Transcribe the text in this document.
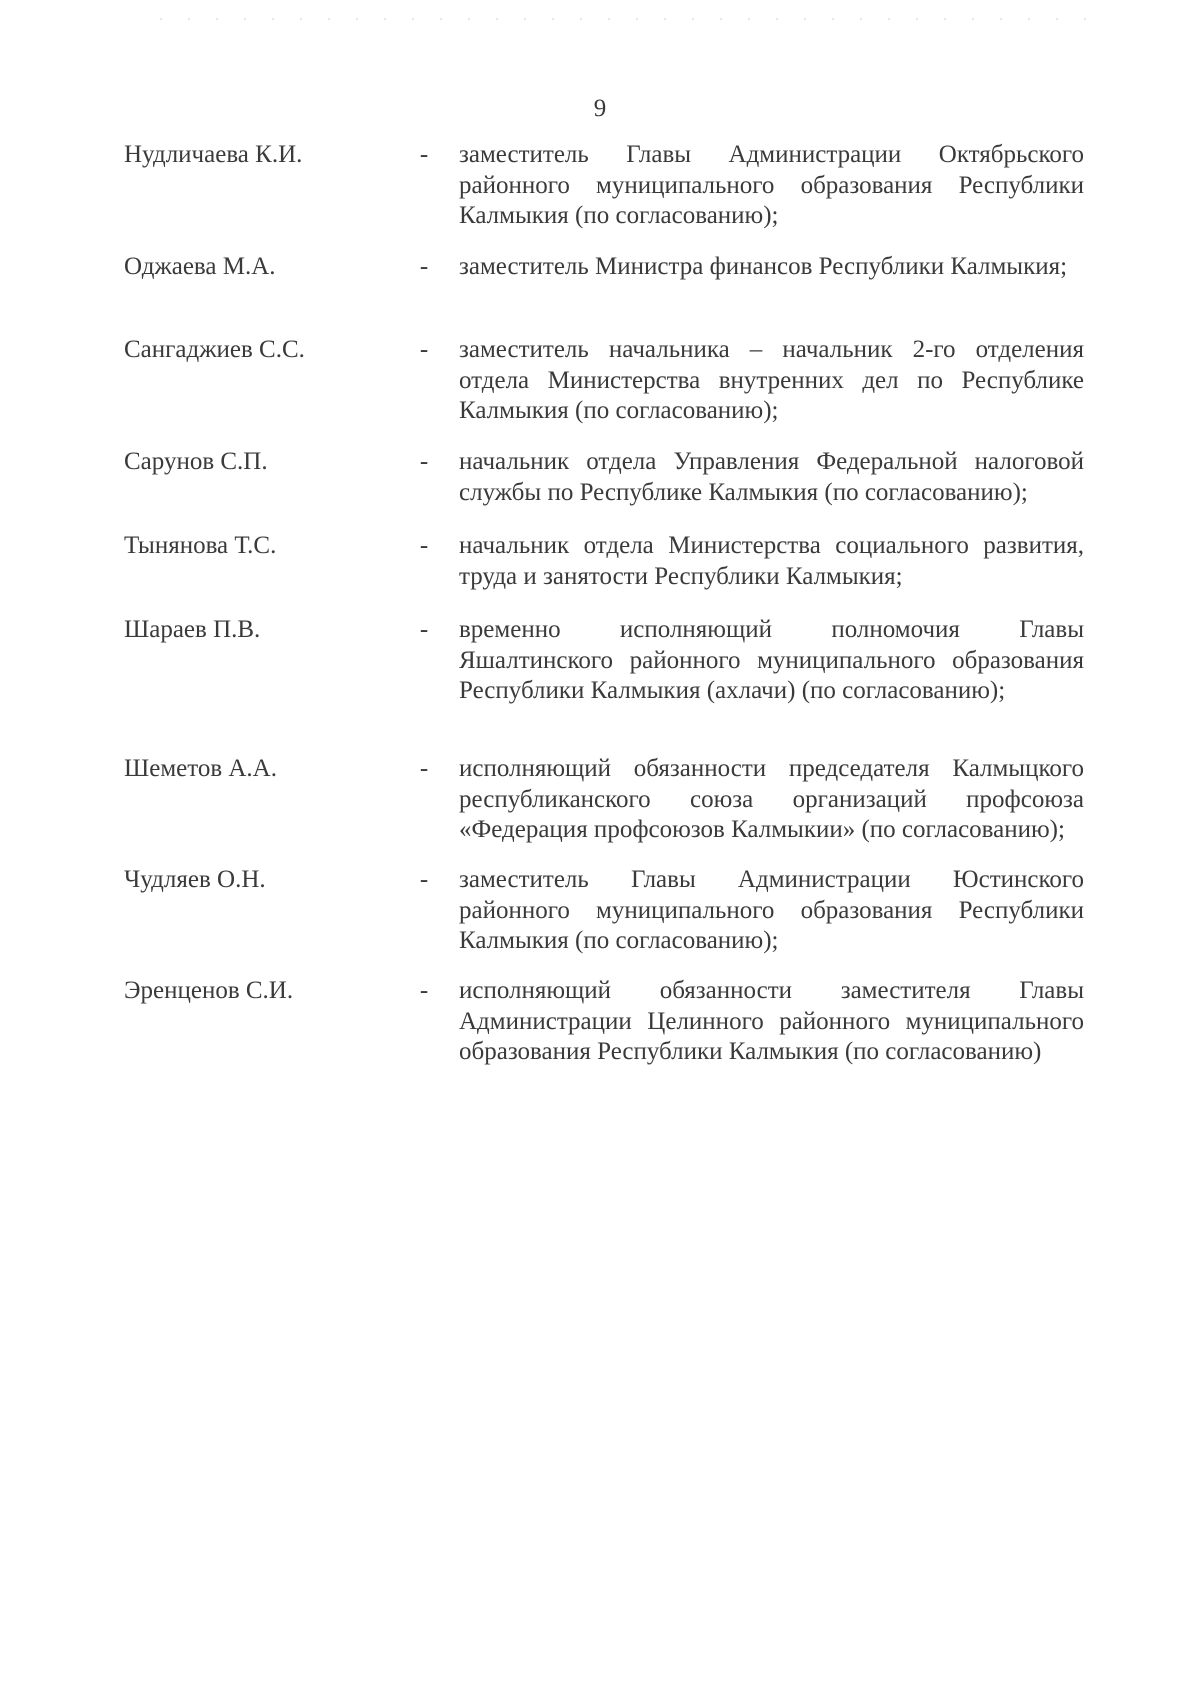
9
Нудличаева К.И.	- заместитель Главы Администрации Октябрьского районного муниципального образования Республики Калмыкия (по согласованию);
Оджаева М.А.	- заместитель Министра финансов Республики Калмыкия;
Сангаджиев С.С.	- заместитель начальника – начальник 2-го отделения отдела Министерства внутренних дел по Республике Калмыкия (по согласованию);
Сарунов С.П.	- начальник отдела Управления Федеральной налоговой службы по Республике Калмыкия (по согласованию);
Тынянова Т.С.	- начальник отдела Министерства социального развития, труда и занятости Республики Калмыкия;
Шараев П.В.	- временно исполняющий полномочия Главы Яшалтинского районного муниципального образования Республики Калмыкия (ахлачи) (по согласованию);
Шеметов А.А.	- исполняющий обязанности председателя Калмыцкого республиканского союза организаций профсоюза «Федерация профсоюзов Калмыкии» (по согласованию);
Чудляев О.Н.	- заместитель Главы Администрации Юстинского районного муниципального образования Республики Калмыкия (по согласованию);
Эренценов С.И.	- исполняющий обязанности заместителя Главы Администрации Целинного районного муниципального образования Республики Калмыкия (по согласованию)
